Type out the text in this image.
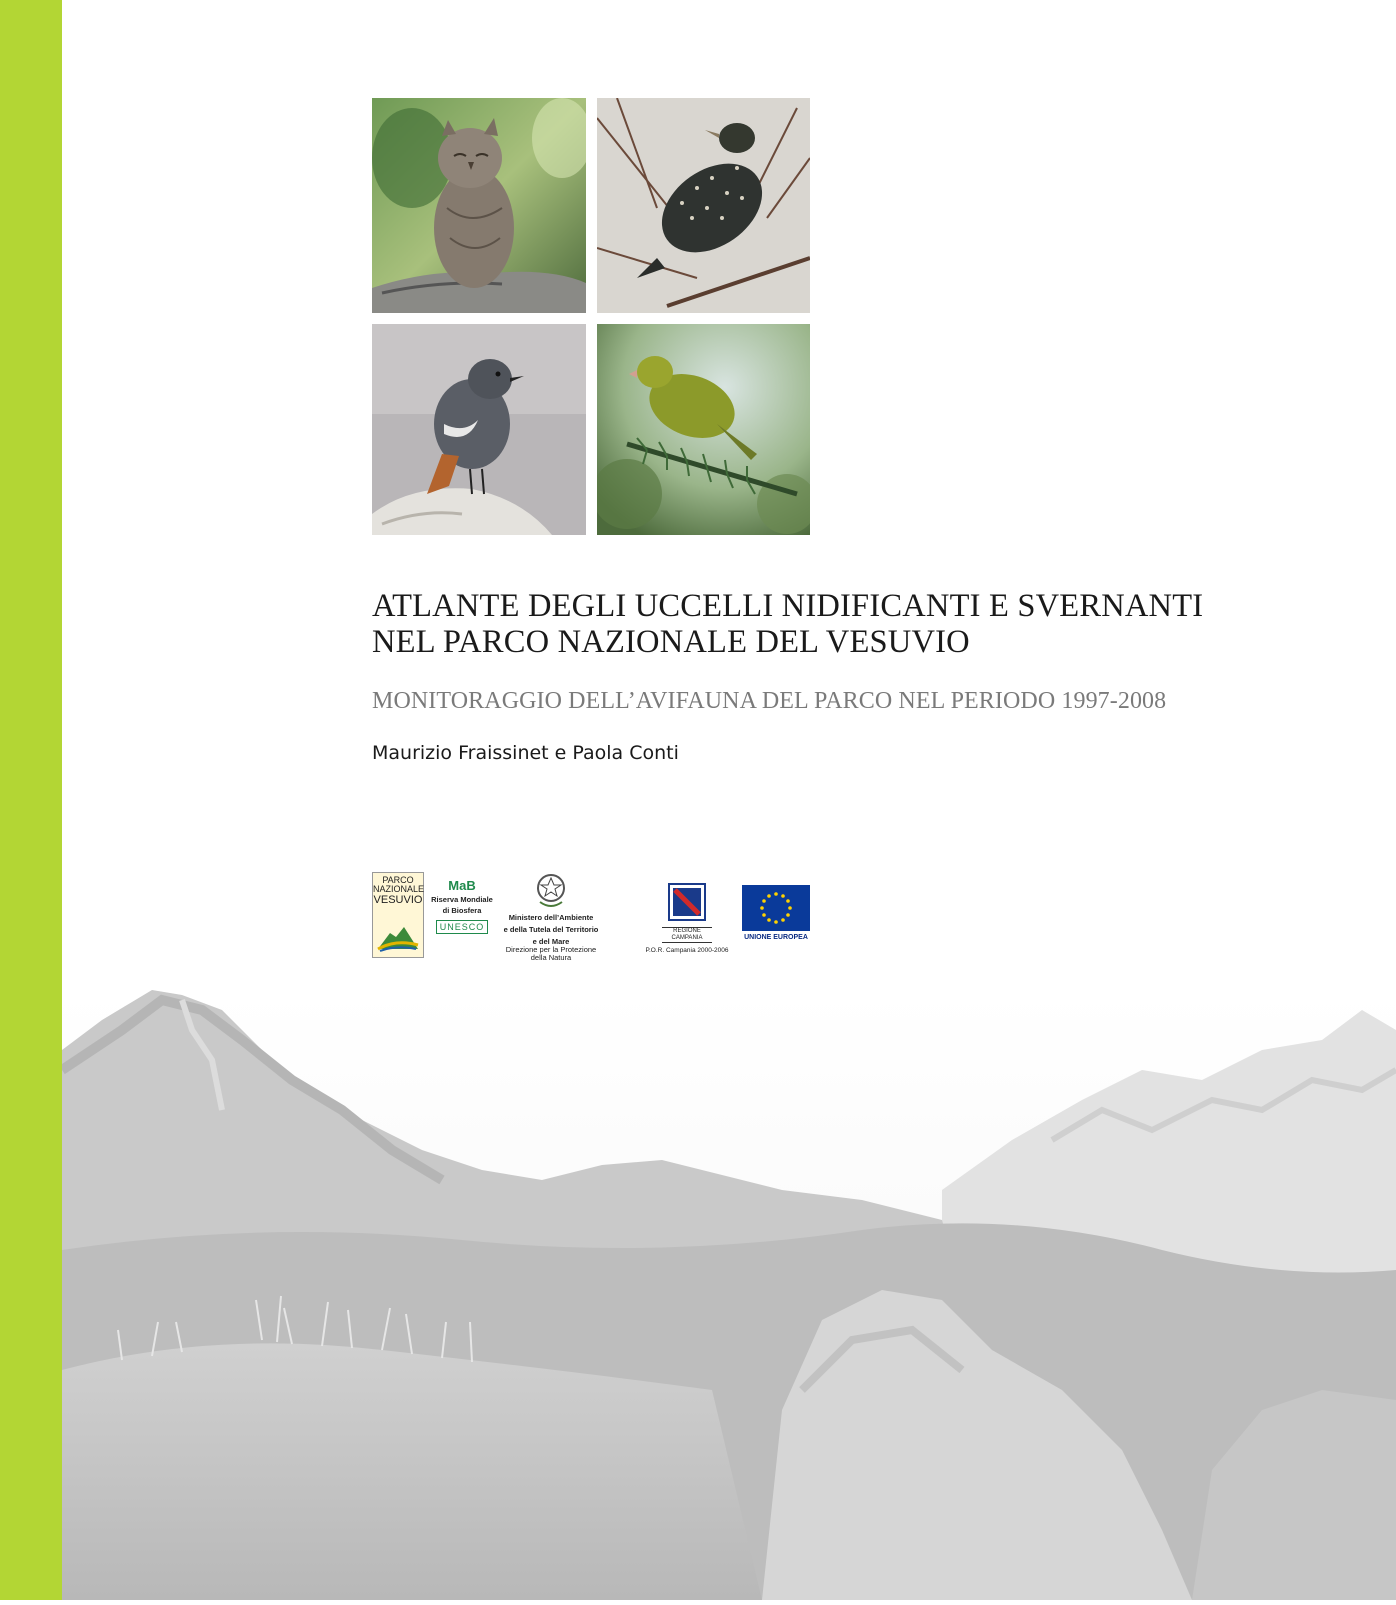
ATLANTE DEGLI UCCELLI NIDIFICANTI E SVERNANTI
NEL PARCO NAZIONALE DEL VESUVIO
MONITORAGGIO DELL’AVIFAUNA DEL PARCO NEL PERIODO 1997-2008
Maurizio Fraissinet e Paola Conti
PARCO
NAZIONALE
VESUVIO
MaB
Riserva Mondiale
di Biosfera
UNESCO
Ministero dell’Ambiente
e della Tutela del Territorio
e del Mare
Direzione per la Protezione
della Natura
REGIONE CAMPANIA
P.O.R. Campania 2000-2006
UNIONE EUROPEA
